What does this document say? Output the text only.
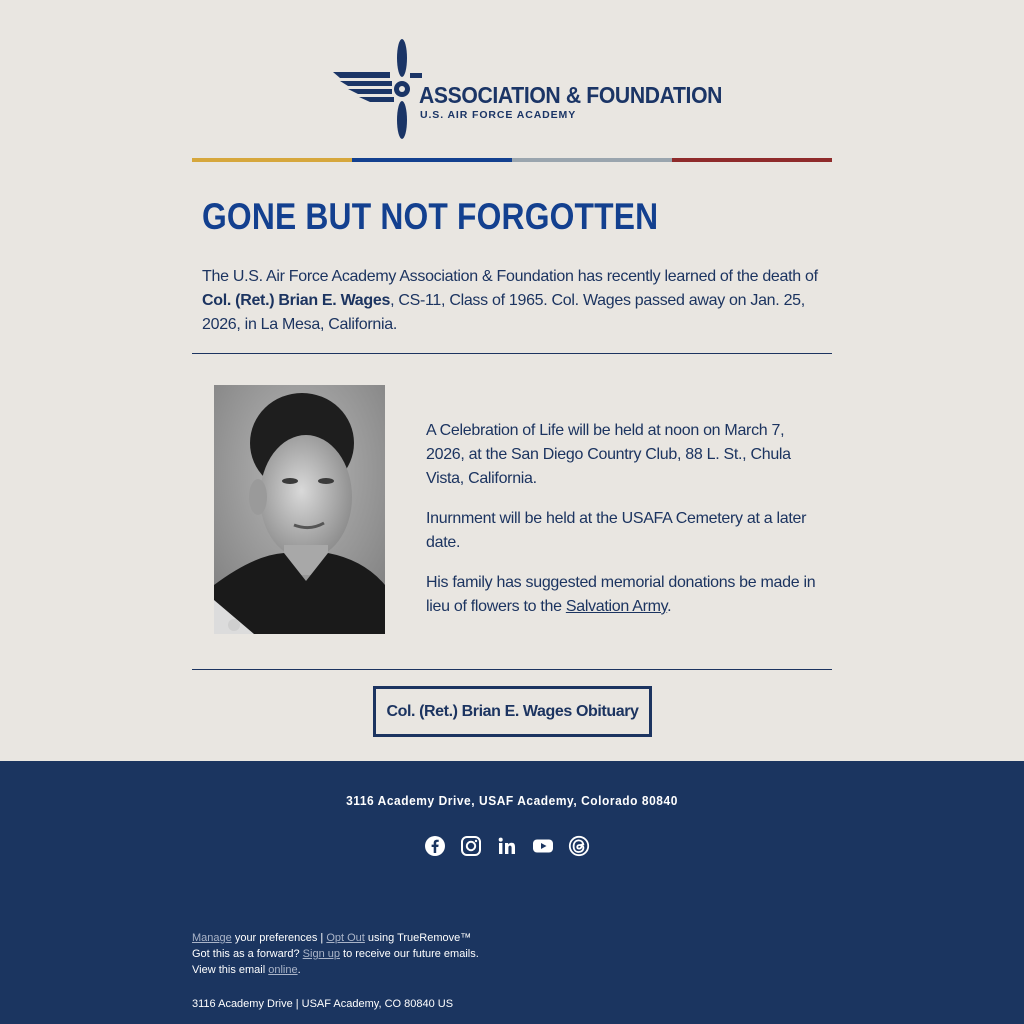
ASSOCIATION & FOUNDATION
U.S. AIR FORCE ACADEMY
GONE BUT NOT FORGOTTEN
The U.S. Air Force Academy Association & Foundation has recently learned of the death of Col. (Ret.) Brian E. Wages, CS-11, Class of 1965. Col. Wages passed away on Jan. 25, 2026, in La Mesa, California.

A Celebration of Life will be held at noon on March 7, 2026, at the San Diego Country Club, 88 L. St., Chula Vista, California.

Inurnment will be held at the USAFA Cemetery at a later date.

His family has suggested memorial donations be made in lieu of flowers to the Salvation Army.

Col. (Ret.) Brian E. Wages Obituary
3116 Academy Drive, USAF Academy, Colorado 80840
Manage your preferences | Opt Out using TrueRemove™
Got this as a forward? Sign up to receive our future emails.
View this email online.
3116 Academy Drive | USAF Academy, CO 80840 US
